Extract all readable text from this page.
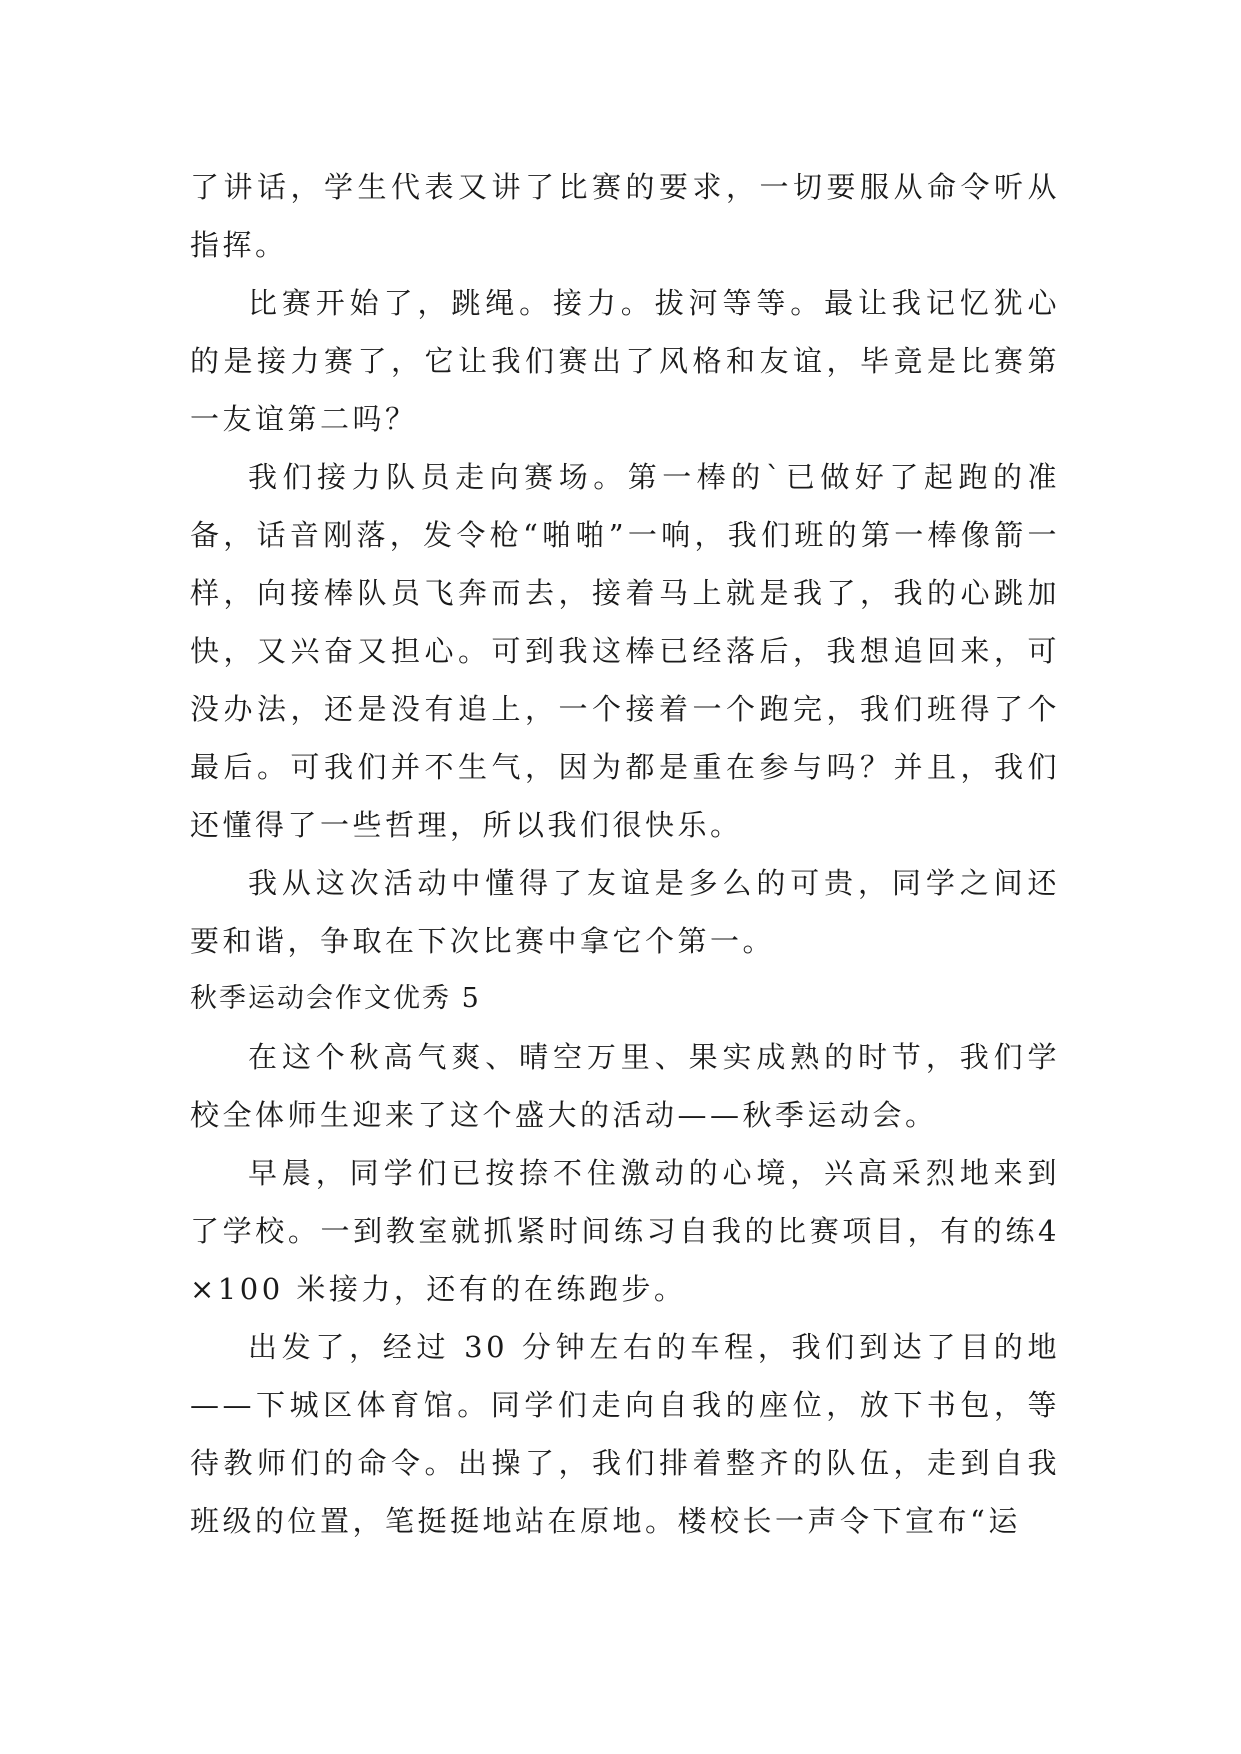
了讲话，学生代表又讲了比赛的要求，一切要服从命令听从指挥。

比赛开始了，跳绳。接力。拔河等等。最让我记忆犹心的是接力赛了，它让我们赛出了风格和友谊，毕竟是比赛第一友谊第二吗？

我们接力队员走向赛场。第一棒的`已做好了起跑的准备，话音刚落，发令枪“啪啪”一响，我们班的第一棒像箭一样，向接棒队员飞奔而去，接着马上就是我了，我的心跳加快，又兴奋又担心。可到我这棒已经落后，我想追回来，可没办法，还是没有追上，一个接着一个跑完，我们班得了个最后。可我们并不生气，因为都是重在参与吗？并且，我们还懂得了一些哲理，所以我们很快乐。

我从这次活动中懂得了友谊是多么的可贵，同学之间还要和谐，争取在下次比赛中拿它个第一。

秋季运动会作文优秀 5

在这个秋高气爽、晴空万里、果实成熟的时节，我们学校全体师生迎来了这个盛大的活动——秋季运动会。

早晨，同学们已按捺不住激动的心境，兴高采烈地来到了学校。一到教室就抓紧时间练习自我的比赛项目，有的练4×100 米接力，还有的在练跑步。

出发了，经过 30 分钟左右的车程，我们到达了目的地——下城区体育馆。同学们走向自我的座位，放下书包，等待教师们的命令。出操了，我们排着整齐的队伍，走到自我班级的位置，笔挺挺地站在原地。楼校长一声令下宣布“运
